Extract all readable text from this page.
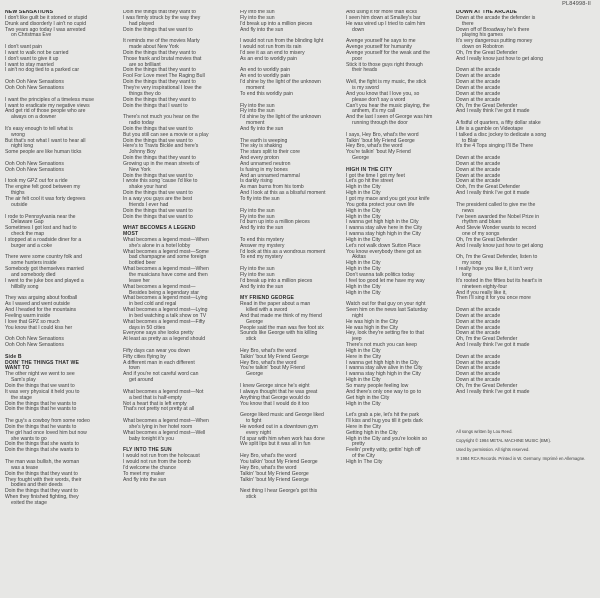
PL84998-II
NEW SENSATIONS
I don't like guilt be it stoned or stupid
Drunk and disorderly I ain't no cupid
Two years ago today I was arrested
on Christmas Eve
I don't want pain
I want to walk not be carried
I don't want to give it up
I want to stay married
I ain't no dog tied to a parked car
Ooh Ooh New Sensations
Ooh Ooh New Sensations
I want the principles of a timeless muse
I want to eradicate my negative views
And get rid of those people who are
always on a downer
It's easy enough to tell what is
wrong
But that's not what I want to hear all
night long
Some people are like human ticks
Ooh Ooh New Sensations
Ooh Ooh New Sensations
I took my GPZ out for a ride
The engine felt good between my
thighs
The air felt cool it was forty degrees
outside
I rode to Pennsylvania near the
Delaware Gap
Sometimes I got lost and had to
check the map
I stopped at a roadside diner for a
burger and a coke
There were some country folk and
some hunters inside
Somebody got themselves married
and somebody died
I went to the juke box and played a
hillbilly song
They was arguing about football
As I waved and went outside
And I headed for the mountains
Feeling warm inside
I love that GPZ so much
You know that I could kiss her
Ooh Ooh New Sensations
Ooh Ooh New Sensations
Side B
DOIN' THE THINGS THAT WE
WANT TO
The other night we went to see
Sam's play
Doin the things that we want to
It was very physical it held you to
the stage
Doin the things that he wants to
Doin the things that he wants to
The guy's a cowboy from some rodeo
Doin the things that he wants to
The girl had once loved him but now
she wants to go
Doin the things that she wants to
Doin the things that she wants to
The man was bullish, the woman
was a tease
Doin the things that they want to
They fought with their words, their
bodies and their deeds
Doin the things that they want to
When they finished fighting, they
exited the stage
Doin the things that they want to
I was firmly struck by the way they
had played
Doin the things that we want to
It reminds me of the movies Marty
made about New York
Doin the things that they want to
Those frank and brutal movies that
are so brilliant
Doin the things that they want to
Fool For Love meet The Raging Bull
Doin the things that they want to
They're very inspirational I love the
things they do
Doin the things that they want to
Doin the things that I want to
There's not much you hear on the
radio today
Doin the things that we want to
But you still can see a movie or a play
Doin the things that we want to
Here's to Travis Bickle and here's
Johnny Boy
Doin the things that they want to
Growing up in the mean streets of
New York
Doin the things that we want to
I wrote this song 'cause I'd like to
shake your hand
Doin the things that we want to
In a way you guys are the best
friends I ever had
Doin the things that we want to
Doin the things that we want to
WHAT BECOMES A LEGEND
MOST
What becomes a legend most—When
she's alone in a hotel lobby
What becomes a legend most—Some
bad champagne and some foreign
bottled beer
What becomes a legend most—When
the musicians have come and then
leave her
What becomes a legend most—
Besides being a legendary star
What becomes a legend most—Lying
in bed cold and regal
What becomes a legend most—Lying
in bed watching a talk show on TV
What becomes a legend most—Fifty
days in 50 cities
Everyone says she looks pretty
At least as pretty as a legend should
Fifty days can wear you down
Fifty cities flying by
A different man in each different
town
And if you're not careful word can
get around
What becomes a legend most—Not
a bed that is half-empty
Not a heart that is left empty
That's not pretty not pretty at all
What becomes a legend most—When
she's lying in her hotel room
What becomes a legend most—Well
baby tonight it's you
FLY INTO THE SUN
I would not run from the holocaust
I would not run from the bomb
I'd welcome the chance
To meet my maker
And fly into the sun
Fly into the sun
Fly into the sun
I'd break up into a million pieces
And fly into the sun
I would not run from the blinding light
I would not run from its rain
I'd see it as an end to misery
As an end to worldly pain
An end to worldly pain
An end to worldly pain
I'd shine by the light of the unknown
moment
To end this worldly pain
Fly into the sun
Fly into the sun
I'd shine by the light of the unknown
moment
And fly into the sun
The earth is weeping
The sky is shaking
The stars split to their core
And every proton
And unnamed neutron
Is fusing in my bones
And an unnamed mammal
Is darkly rising
As man burns from his tomb
And I look at this as a blissful moment
To fly into the sun
Fly into the sun
Fly into the sun
I'd burn up into a million pieces
And fly into the sun
To end this mystery
Answer my mystery
I'd look at this as a wondrous moment
To end my mystery
Fly into the sun
Fly into the sun
I'd break up into a million pieces
And fly into the sun
MY FRIEND GEORGE
Read in the paper about a man
killed with a sword
And that made me think of my friend
George
People said the man was five foot six
Sounds like George with his killing
stick
Hey Bro, what's the word
Talkin' 'bout My Friend George
Hey Bro, what's the word
You're talkin' 'bout My Friend
George
I knew George since he's eight
I always thought that he was great
Anything that George would do
You know that I would do it too
George liked music and George liked
to fight
He worked out in a downtown gym
every night
I'd spar with him when work has done
We split lips but it was all in fun
Hey Bro, what's the word
You talkin' 'bout My Friend George
Hey Bro, what's the word
Talkin' 'bout My Friend George
Talkin' 'bout My Friend George
Next thing I hear George's got this
stick
And using it for more than kicks
I seen him down at Smalley's bar
He was wired up I tried to calm him
down
Avenge yourself he says to me
Avenge yourself for humanity
Avenge yourself for the weak and the
poor
Stick it to those guys right through
their heads
Well, the fight is my music, the stick
is my sword
And you know that I love you, so
please don't say a word
Can't you hear the music playing, the
anthem, it's my call
And the last I seen of George was him
running through the door
I says, Hey Bro, what's the word
Talkin' 'bout My Friend George
Hey Bro, what's the word
You're talkin' 'bout My Friend
George
HIGH IN THE CITY
I got the time I got my feet
Let's go hit the street
High in the City
High in the City
I got my mace and you got your knife
You gotta protect your own life
High in the City
High in the City
I wanna get high high in the City
I wanna stay alive here in the City
I wanna stay high high in the City
High in the City
Let's not walk down Sutton Place
You know everybody there got an
Akitas
High in the City
High in the City
Don't wanna talk politics today
I feel too good let me have my way
High in the City
High in the City
Watch out for that guy on your right
Seen him on the news last Saturday
night
He was high in the City
He was high in the City
Hey, look they're setting fire to that
jeep
There's not much you can keep
High in the City
Here in the City
I wanna get high high in the City
I wanna stay alive alive in the City
I wanna stay high high in the City
High in the City
So many people feeling low
And there's only one way to go to
Get high in the City
High in the City
Let's grab a pie, let's hit the park
I'll kiss and hug you till it gets dark
Here in the City
Getting high in the City
High in the City and you're lookin so
pretty
Feelin' pretty witty, gettin' high off
of the City
High In The City
DOWN AT THE ARCADE
Down at the arcade the defender is
there
Down off of Broadway he's there
playing his games
It's very dangerous putting money
down on Robotron
Oh, I'm the Great Defender
And I really know just how to get along
Down at the arcade
Down at the arcade
Down at the arcade
Down at the arcade
Down at the arcade
Down at the arcade
Oh, I'm the Great Defender
And I really think I've got it made
A fistful of quarters, a fifty dollar stake
Life is a gamble on Videotape
I talked a disc jockey to dedicate a song
to Blair
It's the 4 Tops singing I'll Be There
Down at the arcade
Down at the arcade
Down at the arcade
Down at the arcade
Down at the arcade
Ooh, I'm the Great Defender
And I really think I've got it made
The president called to give me the
news
I've been awarded the Nobel Prize in
rhythm and blues
And Stevie Wonder wants to record
one of my songs
Oh, I'm the Great Defender
And I really know just how to get along
Oh, I'm the Great Defender, listen to
my song
I really hope you like it, it isn't very
long
It's rooted in the fifties but its heart's in
nineteen eighty-four
And if you really like it,
Then I'll sing it for you once more
Down at the arcade
Down at the arcade
Down at the arcade
Down at the arcade
Down at the arcade
Oh, I'm the Great Defender
And I really think I've got it made
Down at the arcade
Down at the arcade
Down at the arcade
Down at the arcade
Down at the arcade
Oh, I'm the Great Defender
And I really think I've got it made
All songs written by Lou Reed.
Copyright © 1984 METAL MACHINE MUSIC (BMI).
Used by permission. All rights reserved.
℗ 1984 RCA Records. Printed in W. Germany. Imprimé en Allemagne.
